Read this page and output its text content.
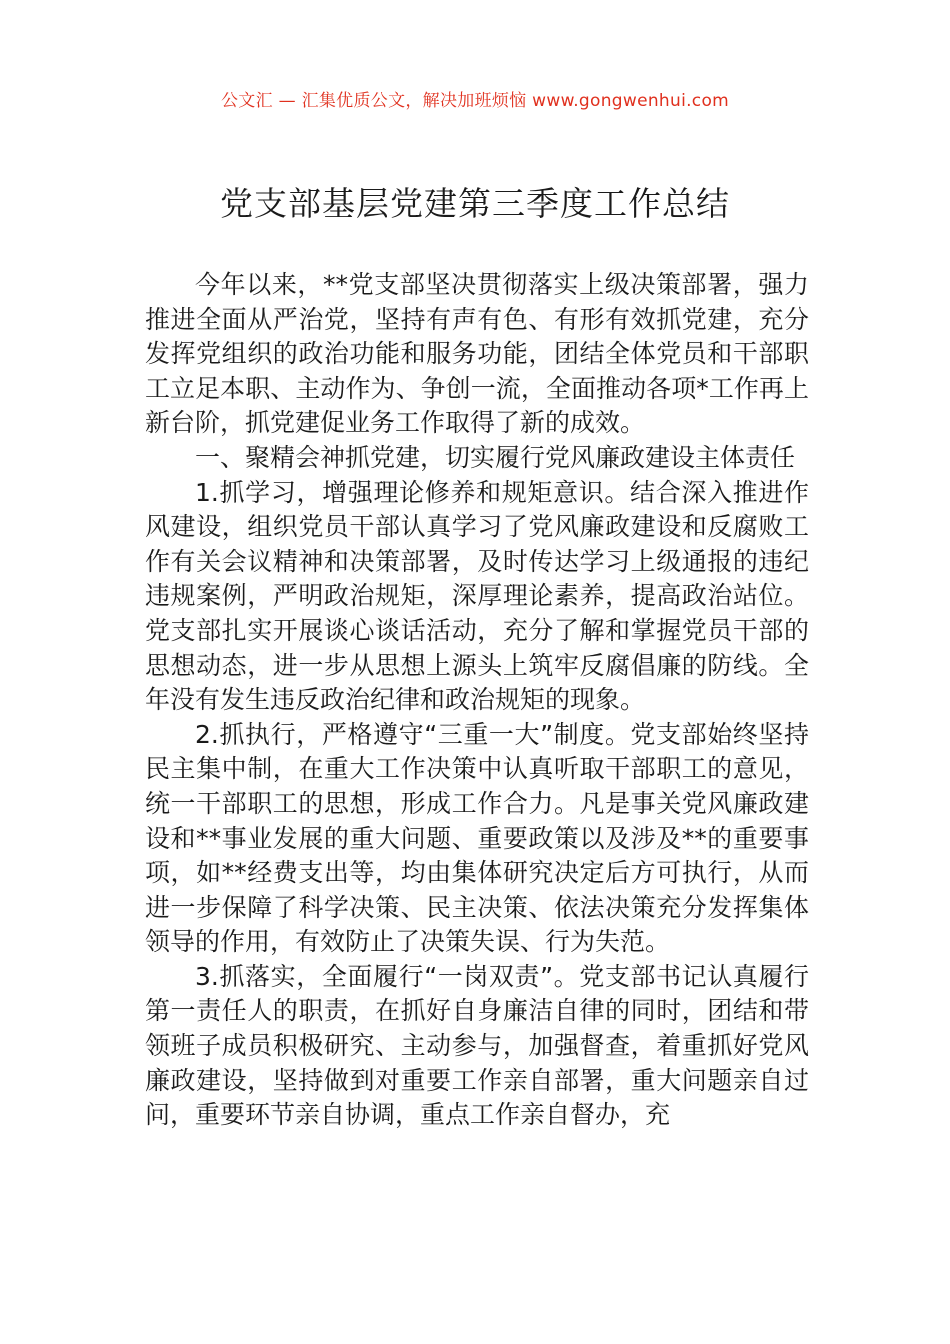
公文汇 — 汇集优质公文，解决加班烦恼 www.gongwenhui.com
党支部基层党建第三季度工作总结

今年以来，**党支部坚决贯彻落实上级决策部署，强力推进全面从严治党，坚持有声有色、有形有效抓党建，充分发挥党组织的政治功能和服务功能，团结全体党员和干部职工立足本职、主动作为、争创一流，全面推动各项*工作再上新台阶，抓党建促业务工作取得了新的成效。

一、聚精会神抓党建，切实履行党风廉政建设主体责任

1.抓学习，增强理论修养和规矩意识。结合深入推进作风建设，组织党员干部认真学习了党风廉政建设和反腐败工作有关会议精神和决策部署，及时传达学习上级通报的违纪违规案例，严明政治规矩，深厚理论素养，提高政治站位。党支部扎实开展谈心谈话活动，充分了解和掌握党员干部的思想动态，进一步从思想上源头上筑牢反腐倡廉的防线。全年没有发生违反政治纪律和政治规矩的现象。

2.抓执行，严格遵守“三重一大”制度。党支部始终坚持民主集中制，在重大工作决策中认真听取干部职工的意见，统一干部职工的思想，形成工作合力。凡是事关党风廉政建设和**事业发展的重大问题、重要政策以及涉及**的重要事项，如**经费支出等，均由集体研究决定后方可执行，从而进一步保障了科学决策、民主决策、依法决策充分发挥集体领导的作用，有效防止了决策失误、行为失范。

3.抓落实，全面履行“一岗双责”。党支部书记认真履行第一责任人的职责，在抓好自身廉洁自律的同时，团结和带领班子成员积极研究、主动参与，加强督查，着重抓好党风廉政建设，坚持做到对重要工作亲自部署，重大问题亲自过问，重要环节亲自协调，重点工作亲自督办，充
